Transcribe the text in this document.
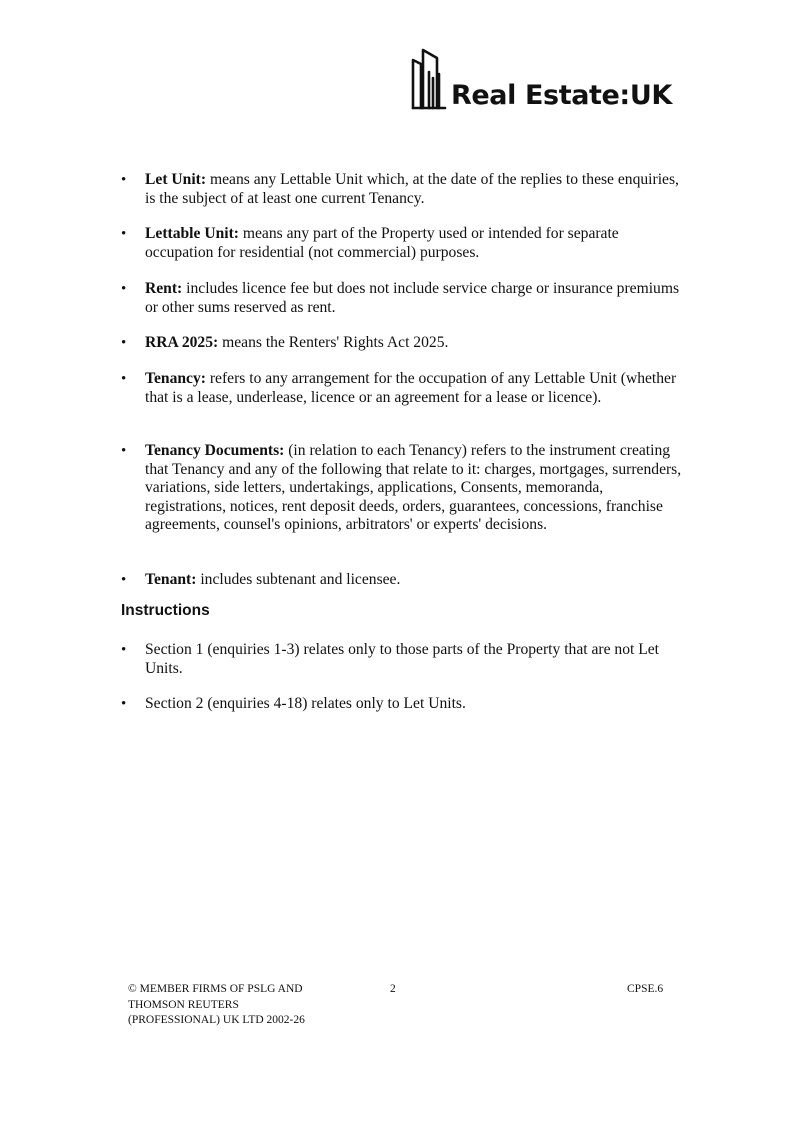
Real Estate:UK
• Let Unit: means any Lettable Unit which, at the date of the replies to these enquiries, is the subject of at least one current Tenancy.
• Lettable Unit: means any part of the Property used or intended for separate occupation for residential (not commercial) purposes.
• Rent: includes licence fee but does not include service charge or insurance premiums or other sums reserved as rent.
• RRA 2025: means the Renters' Rights Act 2025.
• Tenancy: refers to any arrangement for the occupation of any Lettable Unit (whether that is a lease, underlease, licence or an agreement for a lease or licence).
• Tenancy Documents: (in relation to each Tenancy) refers to the instrument creating that Tenancy and any of the following that relate to it: charges, mortgages, surrenders, variations, side letters, undertakings, applications, Consents, memoranda, registrations, notices, rent deposit deeds, orders, guarantees, concessions, franchise agreements, counsel's opinions, arbitrators' or experts' decisions.
• Tenant: includes subtenant and licensee.
Instructions
• Section 1 (enquiries 1-3) relates only to those parts of the Property that are not Let Units.
• Section 2 (enquiries 4-18) relates only to Let Units.
© MEMBER FIRMS OF PSLG AND THOMSON REUTERS (PROFESSIONAL) UK LTD 2002-26
2	CPSE.6
